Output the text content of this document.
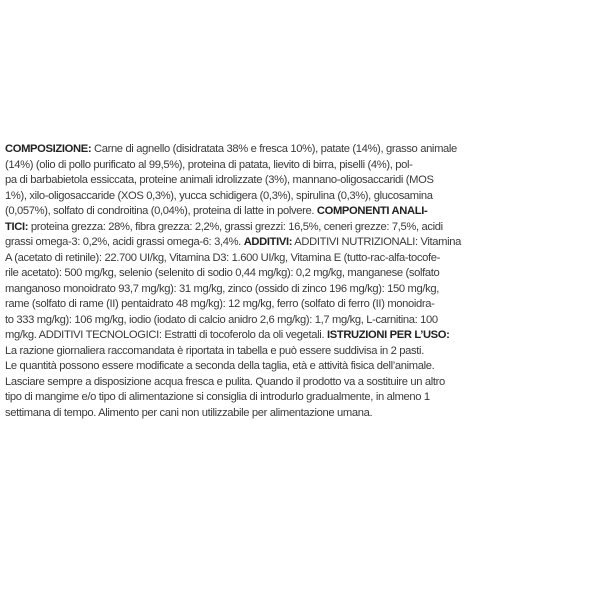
COMPOSIZIONE: Carne di agnello (disidratata 38% e fresca 10%), patate (14%), grasso animale
(14%) (olio di pollo purificato al 99,5%), proteina di patata, lievito di birra, piselli (4%), pol-
pa di barbabietola essiccata, proteine animali idrolizzate (3%), mannano-oligosaccaridi (MOS
1%), xilo-oligosaccaride (XOS 0,3%), yucca schidigera (0,3%), spirulina (0,3%), glucosamina
(0,057%), solfato di condroitina (0,04%), proteina di latte in polvere. COMPONENTI ANALI-
TICI: proteina grezza: 28%, fibra grezza: 2,2%, grassi grezzi: 16,5%, ceneri grezze: 7,5%, acidi
grassi omega-3: 0,2%, acidi grassi omega-6: 3,4%. ADDITIVI: ADDITIVI NUTRIZIONALI: Vitamina
A (acetato di retinile): 22.700 UI/kg, Vitamina D3: 1.600 UI/kg, Vitamina E (tutto-rac-alfa-tocofe-
rile acetato): 500 mg/kg, selenio (selenito di sodio 0,44 mg/kg): 0,2 mg/kg, manganese (solfato
manganoso monoidrato 93,7 mg/kg): 31 mg/kg, zinco (ossido di zinco 196 mg/kg): 150 mg/kg,
rame (solfato di rame (II) pentaidrato 48 mg/kg): 12 mg/kg, ferro (solfato di ferro (II) monoidra-
to 333 mg/kg): 106 mg/kg, iodio (iodato di calcio anidro 2,6 mg/kg): 1,7 mg/kg, L-carnitina: 100
mg/kg. ADDITIVI TECNOLOGICI: Estratti di tocoferolo da oli vegetali. ISTRUZIONI PER L’USO:
La razione giornaliera raccomandata è riportata in tabella e può essere suddivisa in 2 pasti.
Le quantità possono essere modificate a seconda della taglia, età e attività fisica dell’animale.
Lasciare sempre a disposizione acqua fresca e pulita. Quando il prodotto va a sostituire un altro
tipo di mangime e/o tipo di alimentazione si consiglia di introdurlo gradualmente, in almeno 1
settimana di tempo. Alimento per cani non utilizzabile per alimentazione umana.
